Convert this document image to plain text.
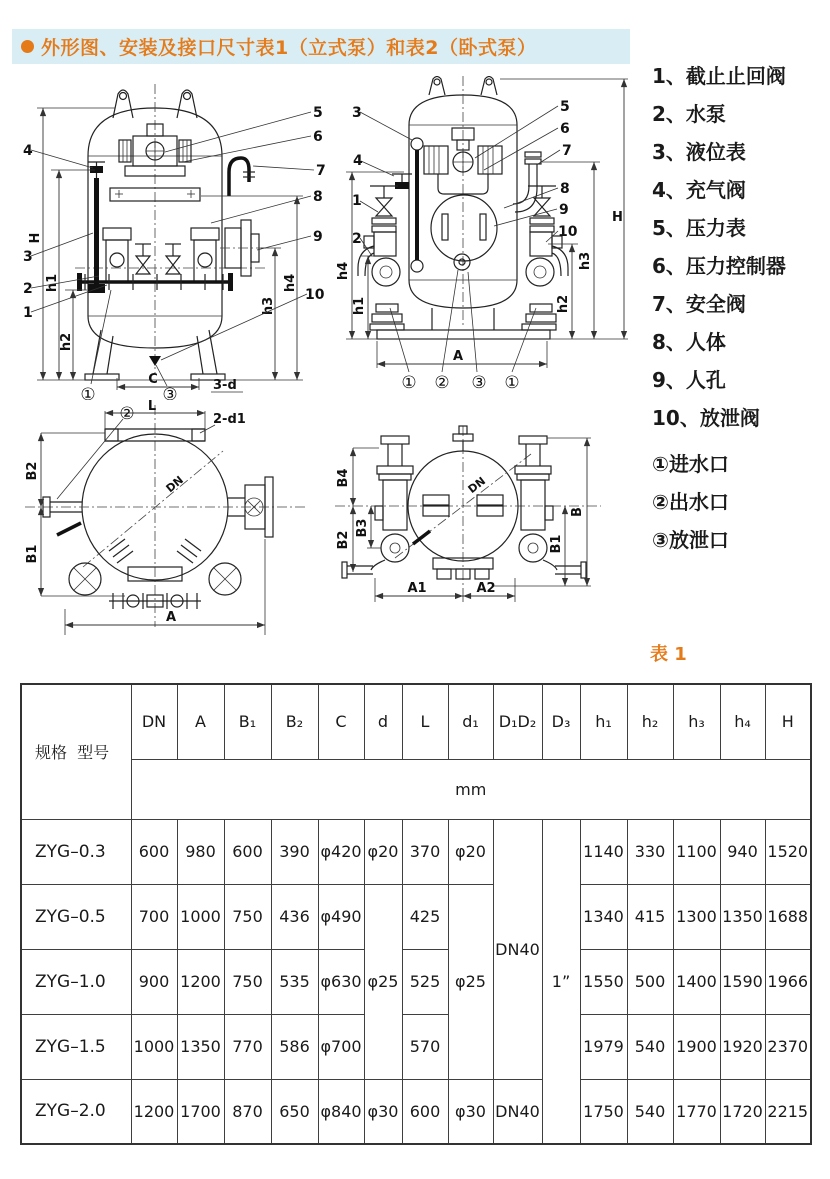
外形图、安装及接口尺寸表1（立式泵）和表2（卧式泵）
H
h1
h2
h3
h4
C	3-d
4
3
2
1
5
6
7
8
9
10
①	③
H
h3
h2
h4
h1
A
3
4
1
2
5
6
7
8
9
10
① ② ③ ①
L
2-d1
B2
B1
A
DN
②
B4
B2
B3
B
B1
A1	A2
DN
1、截止止回阀
2、水泵
3、液位表
4、充气阀
5、压力表
6、压力控制器
7、安全阀
8、人体
9、人孔
10、放泄阀
①进水口
②出水口
③放泄口
表 1
规格  型号	DN	A	B₁	B₂	C	d	L	d₁	D₁D₂	D₃	h₁	h₂	h₃	h₄	H
	mm														
ZYG–0.3	600	980	600	390	φ420	φ20	370	φ20	DN40	1”	1140	330	1100	940	1520
ZYG–0.5	700	1000	750	436	φ490	φ25	425	φ25			1340	415	1300	1350	1688
ZYG–1.0	900	1200	750	535	φ630		525				1550	500	1400	1590	1966
ZYG–1.5	1000	1350	770	586	φ700		570				1979	540	1900	1920	2370
ZYG–2.0	1200	1700	870	650	φ840	φ30	600	φ30	DN40		1750	540	1770	1720	2215
